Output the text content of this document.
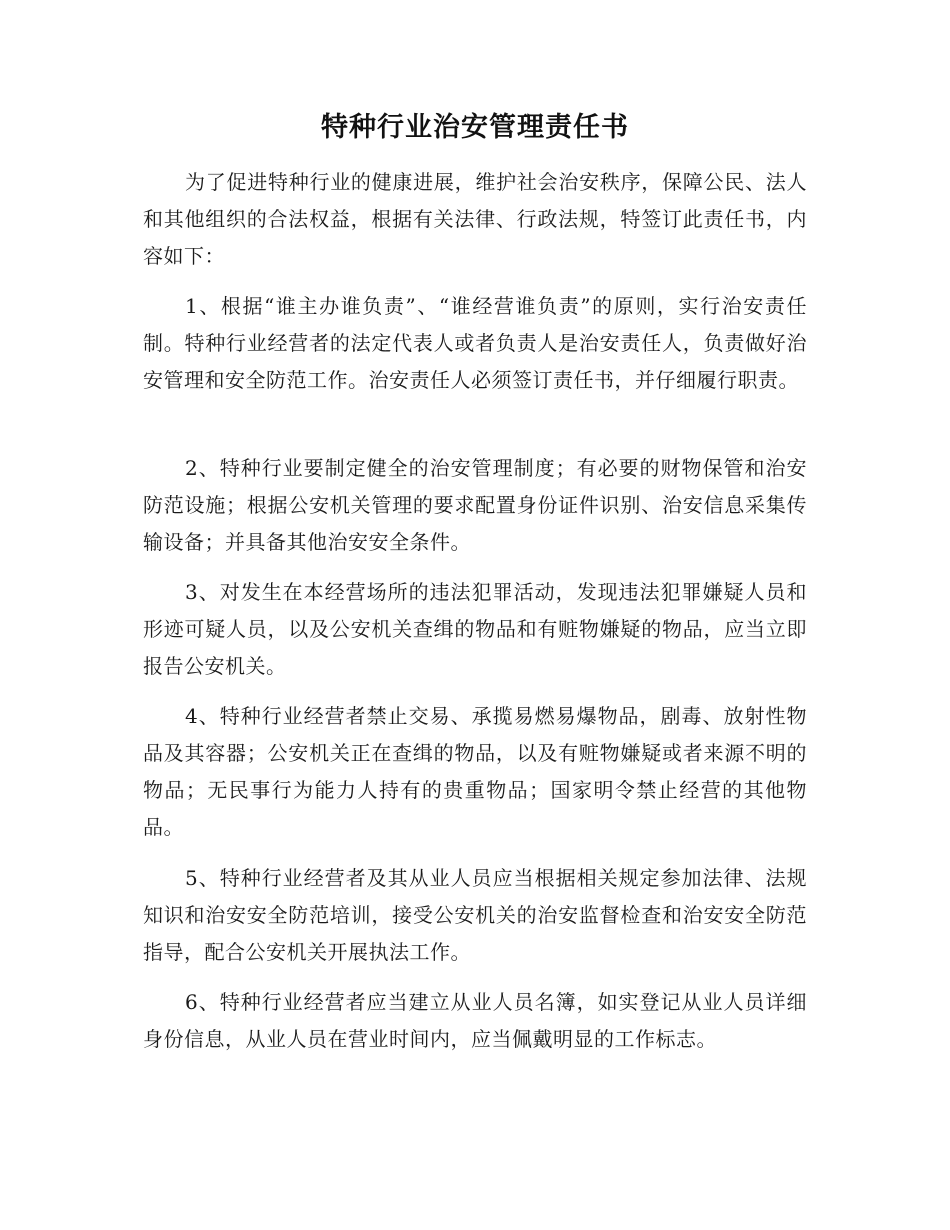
特种行业治安管理责任书

为了促进特种行业的健康进展，维护社会治安秩序，保障公民、法人和其他组织的合法权益，根据有关法律、行政法规，特签订此责任书，内容如下：

1、根据“谁主办谁负责”、“谁经营谁负责”的原则，实行治安责任制。特种行业经营者的法定代表人或者负责人是治安责任人，负责做好治安管理和安全防范工作。治安责任人必须签订责任书，并仔细履行职责。

2、特种行业要制定健全的治安管理制度；有必要的财物保管和治安防范设施；根据公安机关管理的要求配置身份证件识别、治安信息采集传输设备；并具备其他治安安全条件。

3、对发生在本经营场所的违法犯罪活动，发现违法犯罪嫌疑人员和形迹可疑人员，以及公安机关查缉的物品和有赃物嫌疑的物品，应当立即报告公安机关。

4、特种行业经营者禁止交易、承揽易燃易爆物品，剧毒、放射性物品及其容器；公安机关正在查缉的物品，以及有赃物嫌疑或者来源不明的物品；无民事行为能力人持有的贵重物品；国家明令禁止经营的其他物品。

5、特种行业经营者及其从业人员应当根据相关规定参加法律、法规知识和治安安全防范培训，接受公安机关的治安监督检查和治安安全防范指导，配合公安机关开展执法工作。

6、特种行业经营者应当建立从业人员名簿，如实登记从业人员详细身份信息，从业人员在营业时间内，应当佩戴明显的工作标志。
